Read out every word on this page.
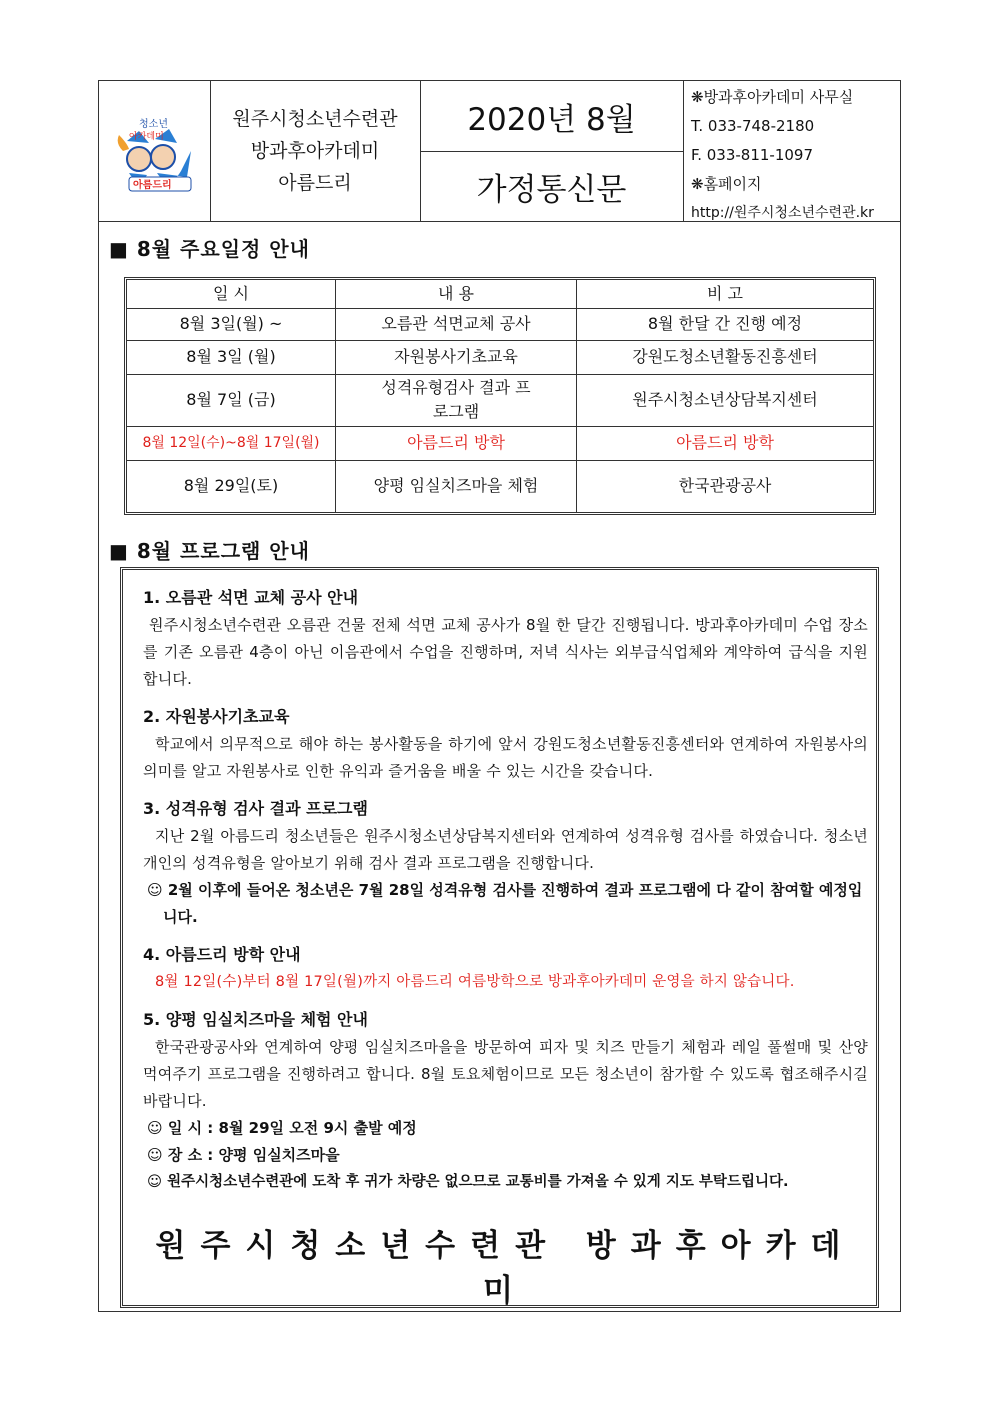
청소년
아카데미
아름드리
원주시청소년수련관
방과후아카데미
아름드리
2020년 8월
가정통신문
❋방과후아카데미 사무실
T. 033-748-2180
F. 033-811-1097
❋홈페이지
http://원주시청소년수련관.kr
■ 8월 주요일정 안내
일 시	내 용	비 고
8월 3일(월) ~	오름관 석면교체 공사	8월 한달 간 진행 예정
8월 3일 (월)	자원봉사기초교육	강원도청소년활동진흥센터
8월 7일 (금)	성격유형검사 결과 프로그램	원주시청소년상담복지센터
8월 12일(수)~8월 17일(월)	아름드리 방학	아름드리 방학
8월 29일(토)	양평 임실치즈마을 체험	한국관광공사
■ 8월 프로그램 안내
1. 오름관 석면 교체 공사 안내
원주시청소년수련관 오름관 건물 전체 석면 교체 공사가 8월 한 달간 진행됩니다. 방과후아카데미 수업 장소를 기존 오름관 4층이 아닌 이음관에서 수업을 진행하며, 저녁 식사는 외부급식업체와 계약하여 급식을 지원합니다.
2. 자원봉사기초교육
학교에서 의무적으로 해야 하는 봉사활동을 하기에 앞서 강원도청소년활동진흥센터와 연계하여 자원봉사의 의미를 알고 자원봉사로 인한 유익과 즐거움을 배울 수 있는 시간을 갖습니다.
3. 성격유형 검사 결과 프로그램
지난 2월 아름드리 청소년들은 원주시청소년상담복지센터와 연계하여 성격유형 검사를 하였습니다. 청소년 개인의 성격유형을 알아보기 위해 검사 결과 프로그램을 진행합니다.
☺ 2월 이후에 들어온 청소년은 7월 28일 성격유형 검사를 진행하여 결과 프로그램에 다 같이 참여할 예정입니다.
4. 아름드리 방학 안내
8월 12일(수)부터 8월 17일(월)까지 아름드리 여름방학으로 방과후아카데미 운영을 하지 않습니다.
5. 양평 임실치즈마을 체험 안내
한국관광공사와 연계하여 양평 임실치즈마을을 방문하여 피자 및 치즈 만들기 체험과 레일 풀썰매 및 산양 먹여주기 프로그램을 진행하려고 합니다. 8월 토요체험이므로 모든 청소년이 참가할 수 있도록 협조해주시길 바랍니다.
☺ 일 시 : 8월 29일 오전 9시 출발 예정
☺ 장 소 : 양평 임실치즈마을
☺ 원주시청소년수련관에 도착 후 귀가 차량은 없으므로 교통비를 가져올 수 있게 지도 부탁드립니다.
원주시청소년수련관 방과후아카데미
